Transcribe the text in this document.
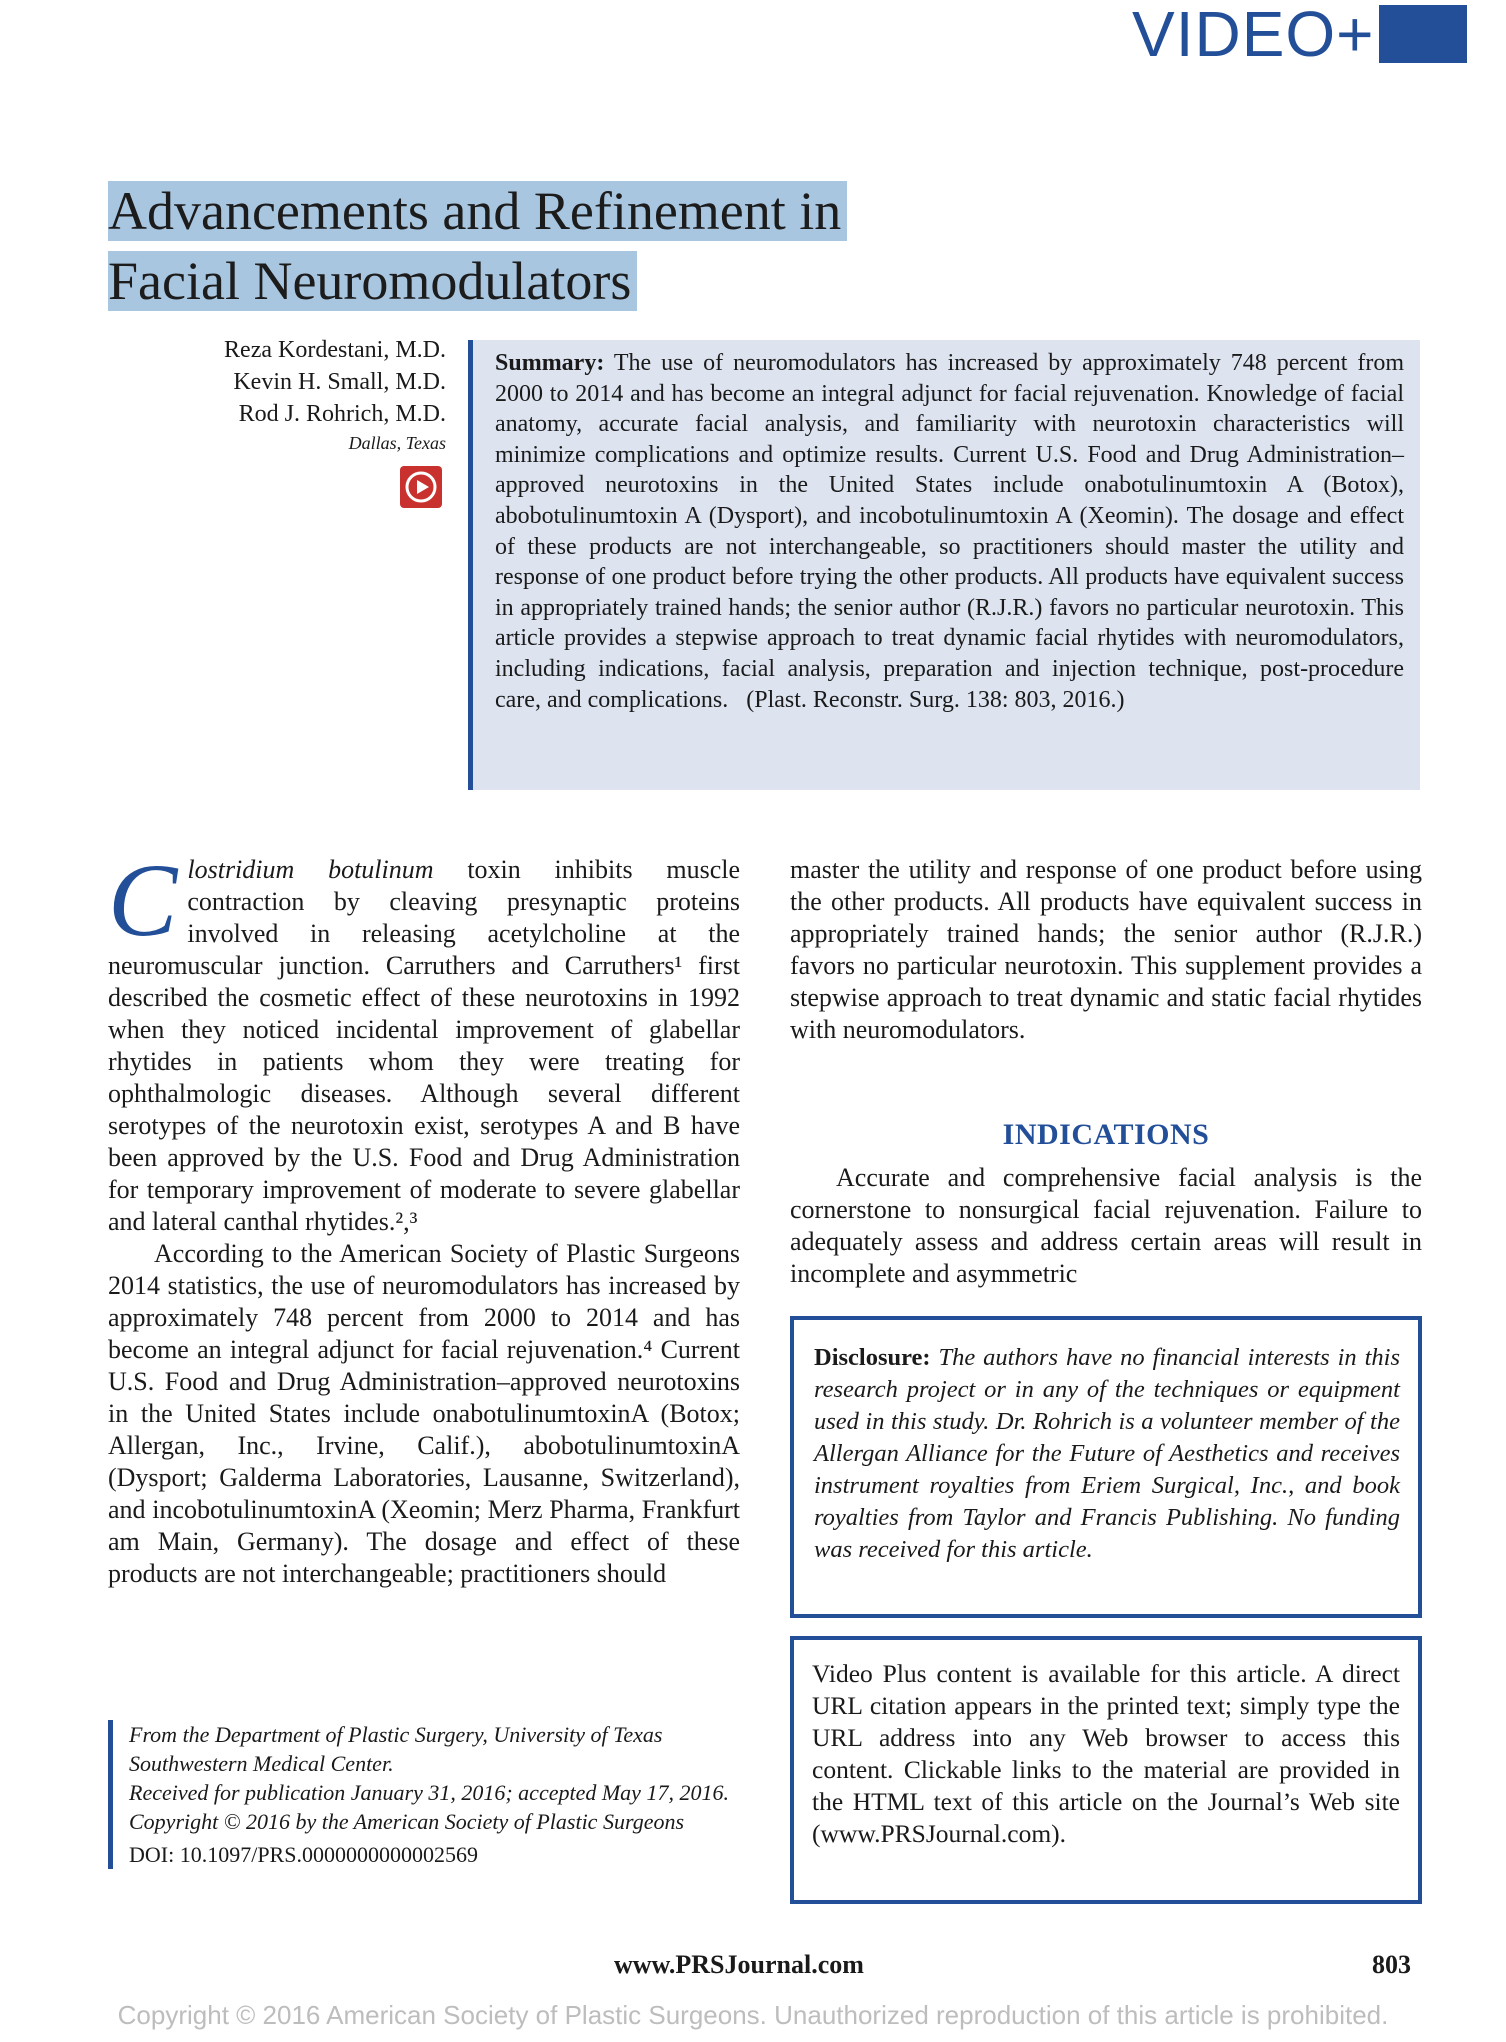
VIDEO+
Advancements and Refinement in
Facial Neuromodulators
Reza Kordestani, M.D.
Kevin H. Small, M.D.
Rod J. Rohrich, M.D.
Dallas, Texas

Summary: The use of neuromodulators has increased by approximately 748 percent from 2000 to 2014 and has become an integral adjunct for facial rejuvenation. Knowledge of facial anatomy, accurate facial analysis, and familiarity with neurotoxin characteristics will minimize complications and optimize results. Current U.S. Food and Drug Administration–approved neurotoxins in the United States include onabotulinumtoxin A (Botox), abobotulinumtoxin A (Dysport), and incobotulinumtoxin A (Xeomin). The dosage and effect of these products are not interchangeable, so practitioners should master the utility and response of one product before trying the other products. All products have equivalent success in appropriately trained hands; the senior author (R.J.R.) favors no particular neurotoxin. This article provides a stepwise approach to treat dynamic facial rhytides with neuromodulators, including indications, facial analysis, preparation and injection technique, post-procedure care, and complications. (Plast. Reconstr. Surg. 138: 803, 2016.)

Clostridium botulinum toxin inhibits muscle contraction by cleaving presynaptic proteins involved in releasing acetylcholine at the neuromuscular junction. Carruthers and Carruthers¹ first described the cosmetic effect of these neurotoxins in 1992 when they noticed incidental improvement of glabellar rhytides in patients whom they were treating for ophthalmologic diseases. Although several different serotypes of the neurotoxin exist, serotypes A and B have been approved by the U.S. Food and Drug Administration for temporary improvement of moderate to severe glabellar and lateral canthal rhytides.²,³

According to the American Society of Plastic Surgeons 2014 statistics, the use of neuromodulators has increased by approximately 748 percent from 2000 to 2014 and has become an integral adjunct for facial rejuvenation.⁴ Current U.S. Food and Drug Administration–approved neurotoxins in the United States include onabotulinumtoxinA (Botox; Allergan, Inc., Irvine, Calif.), abobotulinumtoxinA (Dysport; Galderma Laboratories, Lausanne, Switzerland), and incobotulinumtoxinA (Xeomin; Merz Pharma, Frankfurt am Main, Germany). The dosage and effect of these products are not interchangeable; practitioners should

master the utility and response of one product before using the other products. All products have equivalent success in appropriately trained hands; the senior author (R.J.R.) favors no particular neurotoxin. This supplement provides a stepwise approach to treat dynamic and static facial rhytides with neuromodulators.

INDICATIONS

Accurate and comprehensive facial analysis is the cornerstone to nonsurgical facial rejuvenation. Failure to adequately assess and address certain areas will result in incomplete and asymmetric

Disclosure: The authors have no financial interests in this research project or in any of the techniques or equipment used in this study. Dr. Rohrich is a volunteer member of the Allergan Alliance for the Future of Aesthetics and receives instrument royalties from Eriem Surgical, Inc., and book royalties from Taylor and Francis Publishing. No funding was received for this article.

Video Plus content is available for this article. A direct URL citation appears in the printed text; simply type the URL address into any Web browser to access this content. Clickable links to the material are provided in the HTML text of this article on the Journal’s Web site (www.PRSJournal.com).

From the Department of Plastic Surgery, University of Texas Southwestern Medical Center.
Received for publication January 31, 2016; accepted May 17, 2016.
Copyright © 2016 by the American Society of Plastic Surgeons
DOI: 10.1097/PRS.0000000000002569
www.PRSJournal.com	803
Copyright © 2016 American Society of Plastic Surgeons. Unauthorized reproduction of this article is prohibited.
